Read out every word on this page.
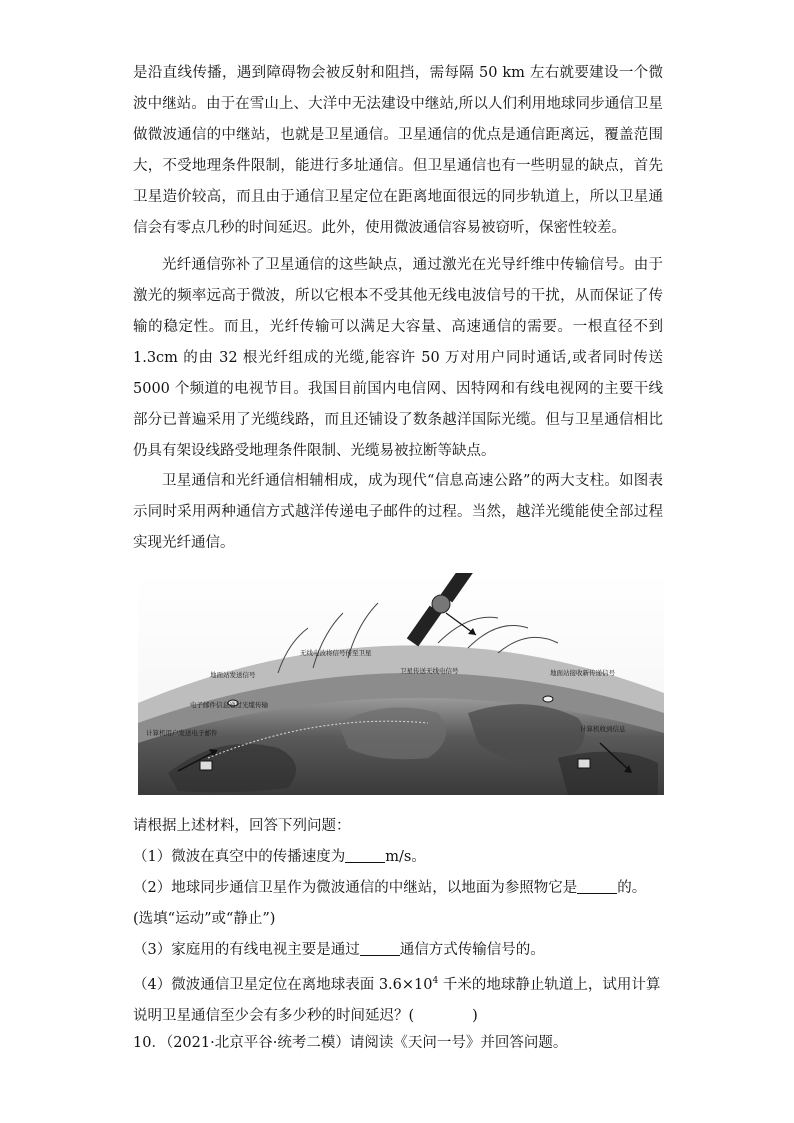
是沿直线传播，遇到障碍物会被反射和阻挡，需每隔 50 km 左右就要建设一个微波中继站。由于在雪山上、大洋中无法建设中继站,所以人们利用地球同步通信卫星做微波通信的中继站，也就是卫星通信。卫星通信的优点是通信距离远，覆盖范围大，不受地理条件限制，能进行多址通信。但卫星通信也有一些明显的缺点，首先卫星造价较高，而且由于通信卫星定位在距离地面很远的同步轨道上，所以卫星通信会有零点几秒的时间延迟。此外，使用微波通信容易被窃听，保密性较差。

光纤通信弥补了卫星通信的这些缺点，通过激光在光导纤维中传输信号。由于激光的频率远高于微波，所以它根本不受其他无线电波信号的干扰，从而保证了传输的稳定性。而且，光纤传输可以满足大容量、高速通信的需要。一根直径不到 1.3cm 的由 32 根光纤组成的光缆,能容许 50 万对用户同时通话,或者同时传送 5000 个频道的电视节目。我国目前国内电信网、因特网和有线电视网的主要干线部分已普遍采用了光缆线路，而且还铺设了数条越洋国际光缆。但与卫星通信相比仍具有架设线路受地理条件限制、光缆易被拉断等缺点。

卫星通信和光纤通信相辅相成，成为现代“信息高速公路”的两大支柱。如图表示同时采用两种通信方式越洋传递电子邮件的过程。当然，越洋光缆能使全部过程实现光纤通信。

地面站发送信号
无线电波将信号传至卫星
卫星传送无线电信号	地面站接收新传递信号
电子邮件信息通过光缆传输
计算机用户发送电子邮件	计算机收到信息

请根据上述材料，回答下列问题：

（1）微波在真空中的传播速度为	m/s。

（2）地球同步通信卫星作为微波通信的中继站，以地面为参照物它是	的。(选填“运动”或“静止”)

（3）家庭用的有线电视主要是通过	通信方式传输信号的。

（4）微波通信卫星定位在离地球表面 $3.6\times 10^4$ 千米的地球静止轨道上，试用计算说明卫星通信至少会有多少秒的时间延迟？(	)

10．（2021·北京平谷·统考二模）请阅读《天问一号》并回答问题。
